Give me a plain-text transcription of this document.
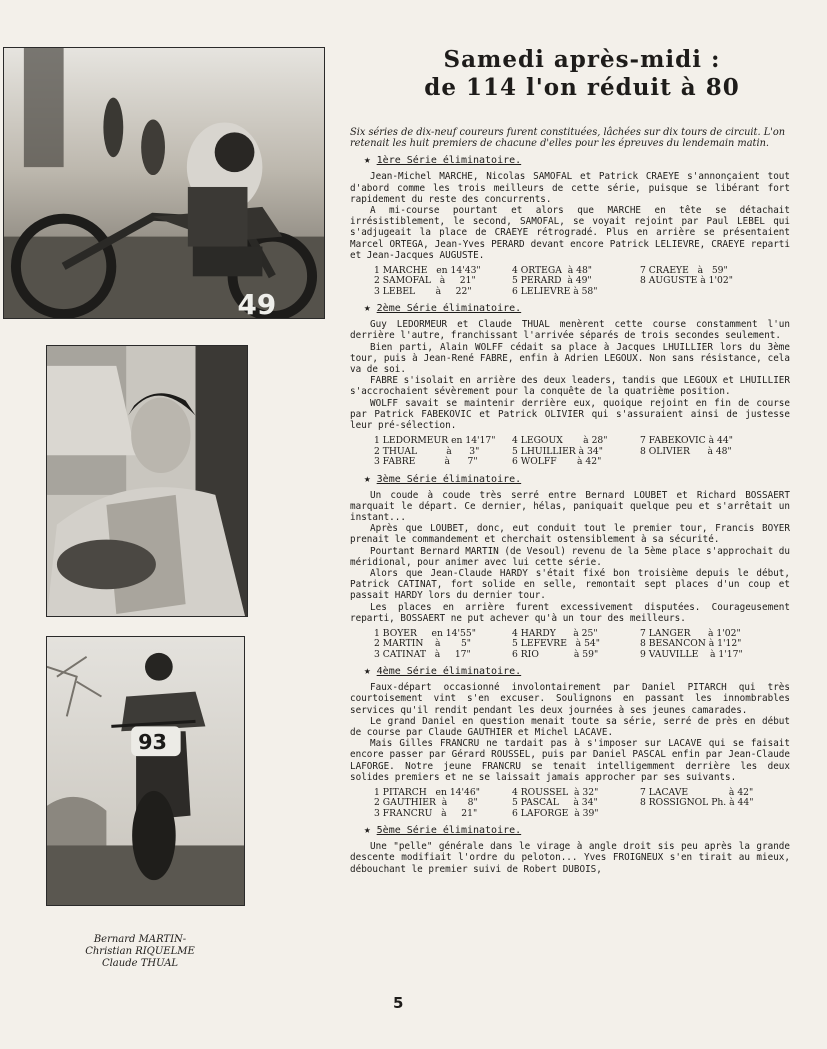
49
93
Bernard MARTIN-
Christian RIQUELME
Claude THUAL
Samedi après-midi :
de 114 l'on réduit à 80

Six séries de dix-neuf coureurs furent constituées, lâchées sur dix tours de circuit. L'on retenait les huit premiers de chacune d'elles pour les épreuves du lendemain matin.

★ 1ère Série éliminatoire.

Jean-Michel MARCHE, Nicolas SAMOFAL et Patrick CRAEYE s'annonçaient tout d'abord comme les trois meilleurs de cette série, puisque se libérant fort rapidement du reste des concurrents.

A mi-course pourtant et alors que MARCHE en tête se détachait irrésistiblement, le second, SAMOFAL, se voyait rejoint par Paul LEBEL qui s'adjugeait la place de CRAEYE rétrogradé. Plus en arrière se présentaient Marcel ORTEGA, Jean-Yves PERARD devant encore Patrick LELIEVRE, CRAEYE reparti et Jean-Jacques AUGUSTE.

1 MARCHE   en 14'43"	4 ORTEGA  à 48"	7 CRAEYE   à   59"
2 SAMOFAL   à     21"	5 PERARD  à 49"	8 AUGUSTE à 1'02"
3 LEBEL       à     22"	6 LELIEVRE à 58"
★ 2ème Série éliminatoire.

Guy LEDORMEUR et Claude THUAL menèrent cette course constamment l'un derrière l'autre, franchissant l'arrivée séparés de trois secondes seulement.

Bien parti, Alain WOLFF cédait sa place à Jacques LHUILLIER lors du 3ème tour, puis à Jean-René FABRE, enfin à Adrien LEGOUX. Non sans résistance, cela va de soi.

FABRE s'isolait en arrière des deux leaders, tandis que LEGOUX et LHUILLIER s'accrochaient sévèrement pour la conquête de la quatrième position.

WOLFF savait se maintenir derrière eux, quoique rejoint en fin de course par Patrick FABEKOVIC et Patrick OLIVIER qui s'assuraient ainsi de justesse leur pré-sélection.

1 LEDORMEUR en 14'17"	4 LEGOUX       à 28"	7 FABEKOVIC à 44"
2 THUAL          à      3"	5 LHUILLIER à 34"	8 OLIVIER      à 48"
3 FABRE          à      7"	6 WOLFF       à 42"
★ 3ème Série éliminatoire.

Un coude à coude très serré entre Bernard LOUBET et Richard BOSSAERT marquait le départ. Ce dernier, hélas, paniquait quelque peu et s'arrêtait un instant...

Après que LOUBET, donc, eut conduit tout le premier tour, Francis BOYER prenait le commandement et cherchait ostensiblement à sa sécurité.

Pourtant Bernard MARTIN (de Vesoul) revenu de la 5ème place s'approchait du méridional, pour animer avec lui cette série.

Alors que Jean-Claude HARDY s'était fixé bon troisième depuis le début, Patrick CATINAT, fort solide en selle, remontait sept places d'un coup et passait HARDY lors du dernier tour.

Les places en arrière furent excessivement disputées. Courageusement reparti, BOSSAERT ne put achever qu'à un tour des meilleurs.

1 BOYER     en 14'55"	4 HARDY      à 25"	7 LANGER      à 1'02"
2 MARTIN    à       5"	5 LEFEVRE   à 54"	8 BESANCON à 1'12"
3 CATINAT   à     17"	6 RIO            à 59"	9 VAUVILLE    à 1'17"
★ 4ème Série éliminatoire.

Faux-départ occasionné involontairement par Daniel PITARCH qui très courtoisement vint s'en excuser. Soulignons en passant les innombrables services qu'il rendit pendant les deux journées à ses jeunes camarades.

Le grand Daniel en question menait toute sa série, serré de près en début de course par Claude GAUTHIER et Michel LACAVE.

Mais Gilles FRANCRU ne tardait pas à s'imposer sur LACAVE qui se faisait encore passer par Gérard ROUSSEL, puis par Daniel PASCAL enfin par Jean-Claude LAFORGE. Notre jeune FRANCRU se tenait intelligemment derrière les deux solides premiers et ne se laissait jamais approcher par ses suivants.

1 PITARCH   en 14'46"	4 ROUSSEL  à 32"	7 LACAVE              à 42"
2 GAUTHIER  à       8"	5 PASCAL     à 34"	8 ROSSIGNOL Ph. à 44"
3 FRANCRU   à     21"	6 LAFORGE  à 39"
★ 5ème Série éliminatoire.

Une "pelle" générale dans le virage à angle droit sis peu après la grande descente modifiait l'ordre du peloton... Yves FROIGNEUX s'en tirait au mieux, débouchant le premier suivi de Robert DUBOIS,

5
